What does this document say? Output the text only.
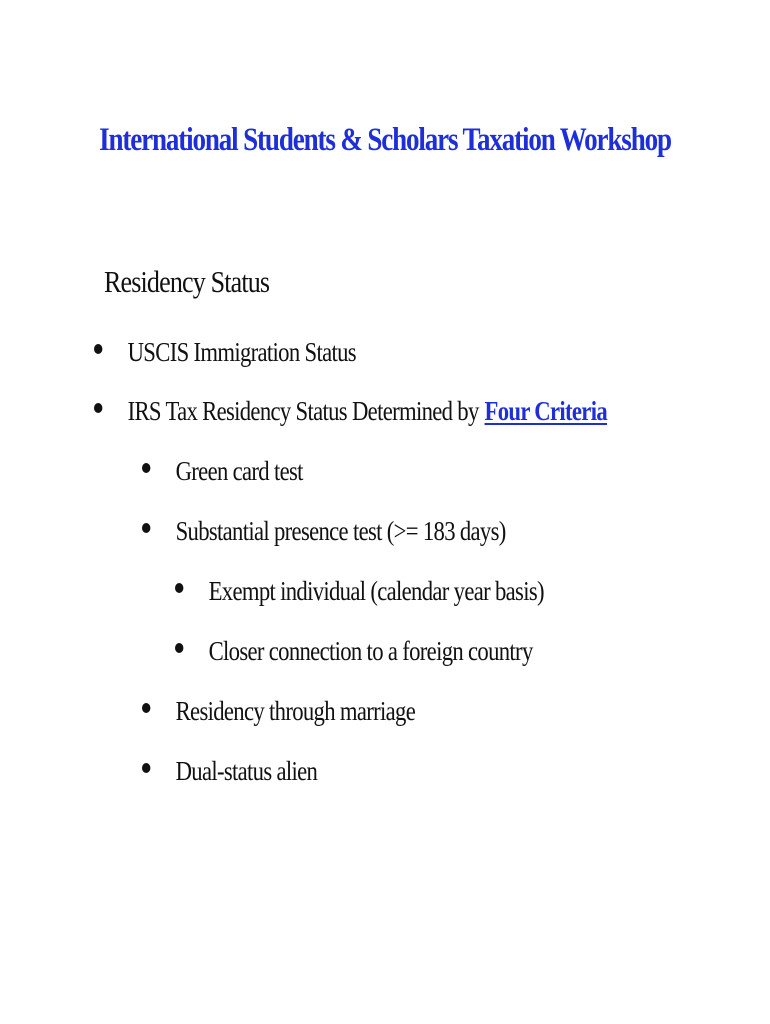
International Students & Scholars Taxation Workshop
Residency Status
USCIS Immigration Status
IRS Tax Residency Status Determined by Four Criteria
Green card test
Substantial presence test (>= 183 days)
Exempt individual (calendar year basis)
Closer connection to a foreign country
Residency through marriage
Dual-status alien
